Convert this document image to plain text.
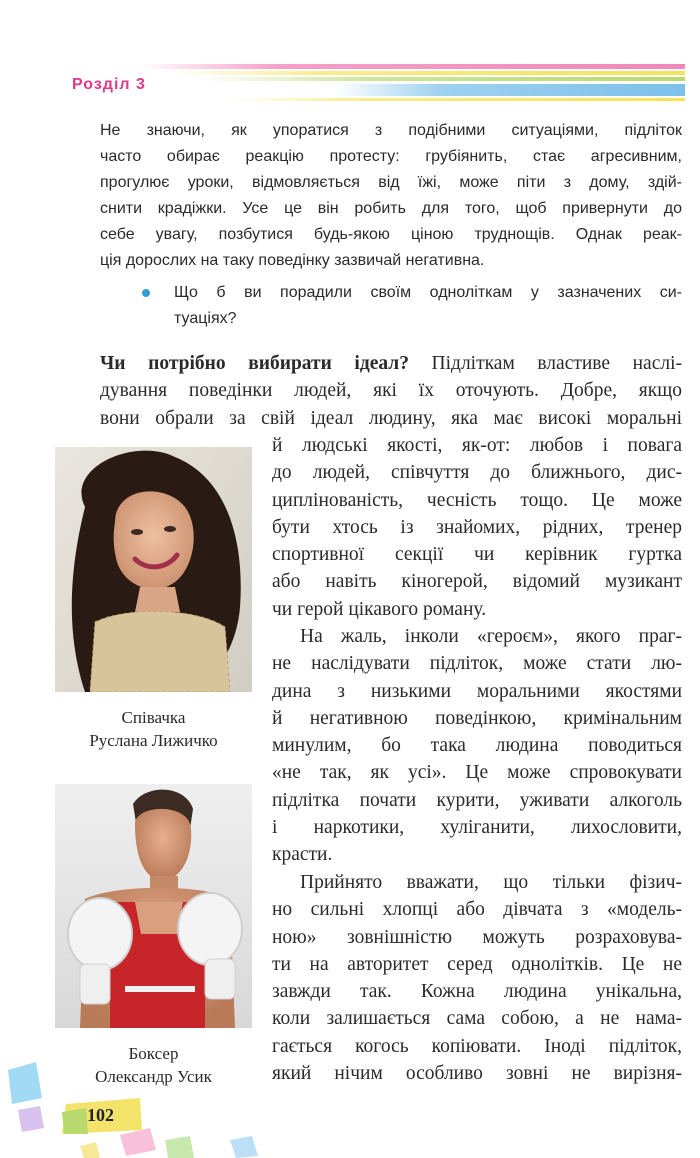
Розділ 3
Не знаючи, як упоратися з подібними ситуаціями, підліток
часто обирає реакцію протесту: грубіянить, стає агресивним,
прогулює уроки, відмовляється від їжі, може піти з дому, здій-
снити крадіжки. Усе це він робить для того, щоб привернути до
себе увагу, позбутися будь-якою ціною труднощів. Однак реак-
ція дорослих на таку поведінку зазвичай негативна.
Що б ви порадили своїм одноліткам у зазначених си-
туаціях?
Чи потрібно вибирати ідеал? Підліткам властиве наслі-
дування поведінки людей, які їх оточують. Добре, якщо
вони обрали за свій ідеал людину, яка має високі моральні
Співачка
Руслана Лижичко
Боксер
Олександр Усик
й людські якості, як-от: любов і повага
до людей, співчуття до ближнього, дис-
циплінованість, чесність тощо. Це може
бути хтось із знайомих, рідних, тренер
спортивної секції чи керівник гуртка
або навіть кіногерой, відомий музикант
чи герой цікавого роману.
На жаль, інколи «героєм», якого праг-
не наслідувати підліток, може стати лю-
дина з низькими моральними якостями
й негативною поведінкою, кримінальним
минулим, бо така людина поводиться
«не так, як усі». Це може спровокувати
підлітка почати курити, уживати алкоголь
і наркотики, хуліганити, лихословити,
красти.
Прийнято вважати, що тільки фізич-
но сильні хлопці або дівчата з «модель-
ною» зовнішністю можуть розраховува-
ти на авторитет серед однолітків. Це не
завжди так. Кожна людина унікальна,
коли залишається сама собою, а не нама-
гається когось копіювати. Іноді підліток,
який нічим особливо зовні не вирізня-
102
